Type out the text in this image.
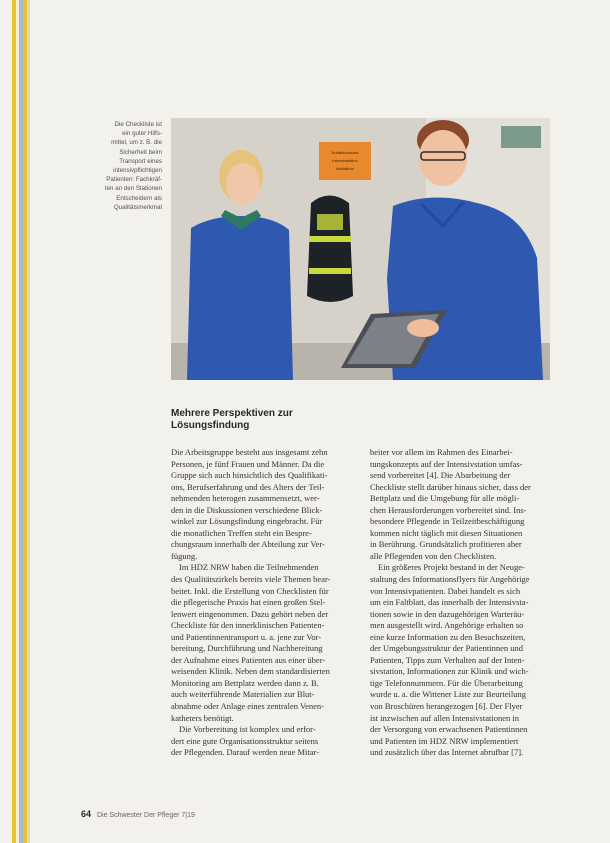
Die Checkliste ist
ein guter Hilfs-
mittel, um z. B. die
Sicherheit beim
Transport eines
intensivpflichtigen
Patienten: Fachkräf-
ten an den Stationen
Entscheidern als
Qualitätsmerkmal
Notfallrucksack
Intensivstation
Notfallbox
Mehrere Perspektiven zur
Lösungsfindung
Die Arbeitsgruppe besteht aus insgesamt zehn
Personen, je fünf Frauen und Männer. Da die
Gruppe sich auch hinsichtlich des Qualifikati-
ons, Berufserfahrung und des Alters der Teil-
nehmenden heterogen zusammensetzt, wer-
den in die Diskussionen verschiedene Blick-
winkel zur Lösungsfindung eingebracht. Für
die monatlichen Treffen steht ein Bespre-
chungsraum innerhalb der Abteilung zur Ver-
fügung.
Im HDZ NRW haben die Teilnehmenden
des Qualitätszirkels bereits viele Themen bear-
beitet. Inkl. die Erstellung von Checklisten für
die pflegerische Praxis hat einen großen Stel-
lenwert eingenommen. Dazu gehört neben der
Checkliste für den innerklinischen Patienten-
und Patientinnentransport u. a. jene zur Vor-
bereitung, Durchführung und Nachbereitung
der Aufnahme eines Patienten aus einer über-
weisenden Klinik. Neben dem standardisierten
Monitoring am Bettplatz werden dann z. B.
auch weiterführende Materialien zur Blut-
abnahme oder Anlage eines zentralen Venen-
katheters benötigt.
Die Vorbereitung ist komplex und erfor-
dert eine gute Organisationsstruktur seitens
der Pflegenden. Darauf werden neue Mitar-
beiter vor allem im Rahmen des Einarbei-
tungskonzepts auf der Intensivstation umfas-
send vorbereitet [4]. Die Abarbeitung der
Checkliste stellt darüber hinaus sicher, dass der
Bettplatz und die Umgebung für alle mögli-
chen Herausforderungen vorbereitet sind. Ins-
besondere Pflegende in Teilzeitbeschäftigung
kommen nicht täglich mit diesen Situationen
in Berührung. Grundsätzlich profitieren aber
alle Pflegenden von den Checklisten.
Ein größeres Projekt bestand in der Neuge-
staltung des Informationsflyers für Angehörige
von Intensivpatienten. Dabei handelt es sich
um ein Faltblatt, das innerhalb der Intensivsta-
tionen sowie in den dazugehörigen Warteräu-
men ausgestellt wird. Angehörige erhalten so
eine kurze Information zu den Besuchszeiten,
der Umgebungsstruktur der Patientinnen und
Patienten, Tipps zum Verhalten auf der Inten-
sivstation, Informationen zur Klinik und wich-
tige Telefonnummern. Für die Überarbeitung
wurde u. a. die Wittener Liste zur Beurteilung
von Broschüren herangezogen [6]. Der Flyer
ist inzwischen auf allen Intensivstationen in
der Versorgung von erwachsenen Patientinnen
und Patienten im HDZ NRW implementiert
und zusätzlich über das Internet abrufbar [7].
64 Die Schwester Der Pfleger 7|19
